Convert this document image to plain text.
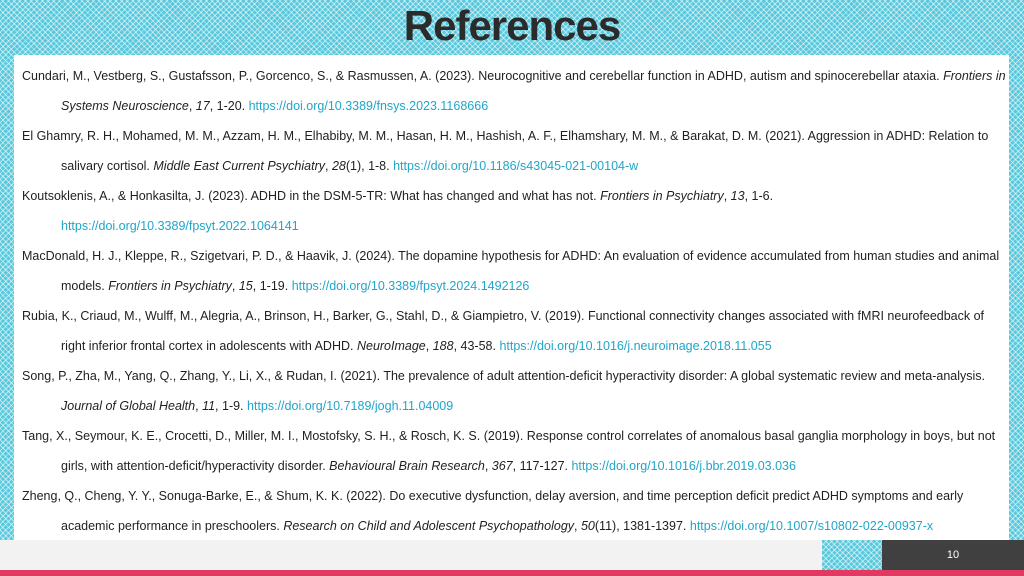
References

Cundari, M., Vestberg, S., Gustafsson, P., Gorcenco, S., & Rasmussen, A. (2023). Neurocognitive and cerebellar function in ADHD, autism and spinocerebellar ataxia. Frontiers in Systems Neuroscience, 17, 1-20. https://doi.org/10.3389/fnsys.2023.1168666

El Ghamry, R. H., Mohamed, M. M., Azzam, H. M., Elhabiby, M. M., Hasan, H. M., Hashish, A. F., Elhamshary, M. M., & Barakat, D. M. (2021). Aggression in ADHD: Relation to salivary cortisol. Middle East Current Psychiatry, 28(1), 1-8. https://doi.org/10.1186/s43045-021-00104-w

Koutsoklenis, A., & Honkasilta, J. (2023). ADHD in the DSM-5-TR: What has changed and what has not. Frontiers in Psychiatry, 13, 1-6. https://doi.org/10.3389/fpsyt.2022.1064141

MacDonald, H. J., Kleppe, R., Szigetvari, P. D., & Haavik, J. (2024). The dopamine hypothesis for ADHD: An evaluation of evidence accumulated from human studies and animal models. Frontiers in Psychiatry, 15, 1-19. https://doi.org/10.3389/fpsyt.2024.1492126

Rubia, K., Criaud, M., Wulff, M., Alegria, A., Brinson, H., Barker, G., Stahl, D., & Giampietro, V. (2019). Functional connectivity changes associated with fMRI neurofeedback of right inferior frontal cortex in adolescents with ADHD. NeuroImage, 188, 43-58. https://doi.org/10.1016/j.neuroimage.2018.11.055

Song, P., Zha, M., Yang, Q., Zhang, Y., Li, X., & Rudan, I. (2021). The prevalence of adult attention-deficit hyperactivity disorder: A global systematic review and meta-analysis. Journal of Global Health, 11, 1-9. https://doi.org/10.7189/jogh.11.04009

Tang, X., Seymour, K. E., Crocetti, D., Miller, M. I., Mostofsky, S. H., & Rosch, K. S. (2019). Response control correlates of anomalous basal ganglia morphology in boys, but not girls, with attention-deficit/hyperactivity disorder. Behavioural Brain Research, 367, 117-127. https://doi.org/10.1016/j.bbr.2019.03.036

Zheng, Q., Cheng, Y. Y., Sonuga-Barke, E., & Shum, K. K. (2022). Do executive dysfunction, delay aversion, and time perception deficit predict ADHD symptoms and early academic performance in preschoolers. Research on Child and Adolescent Psychopathology, 50(11), 1381-1397. https://doi.org/10.1007/s10802-022-00937-x

10
